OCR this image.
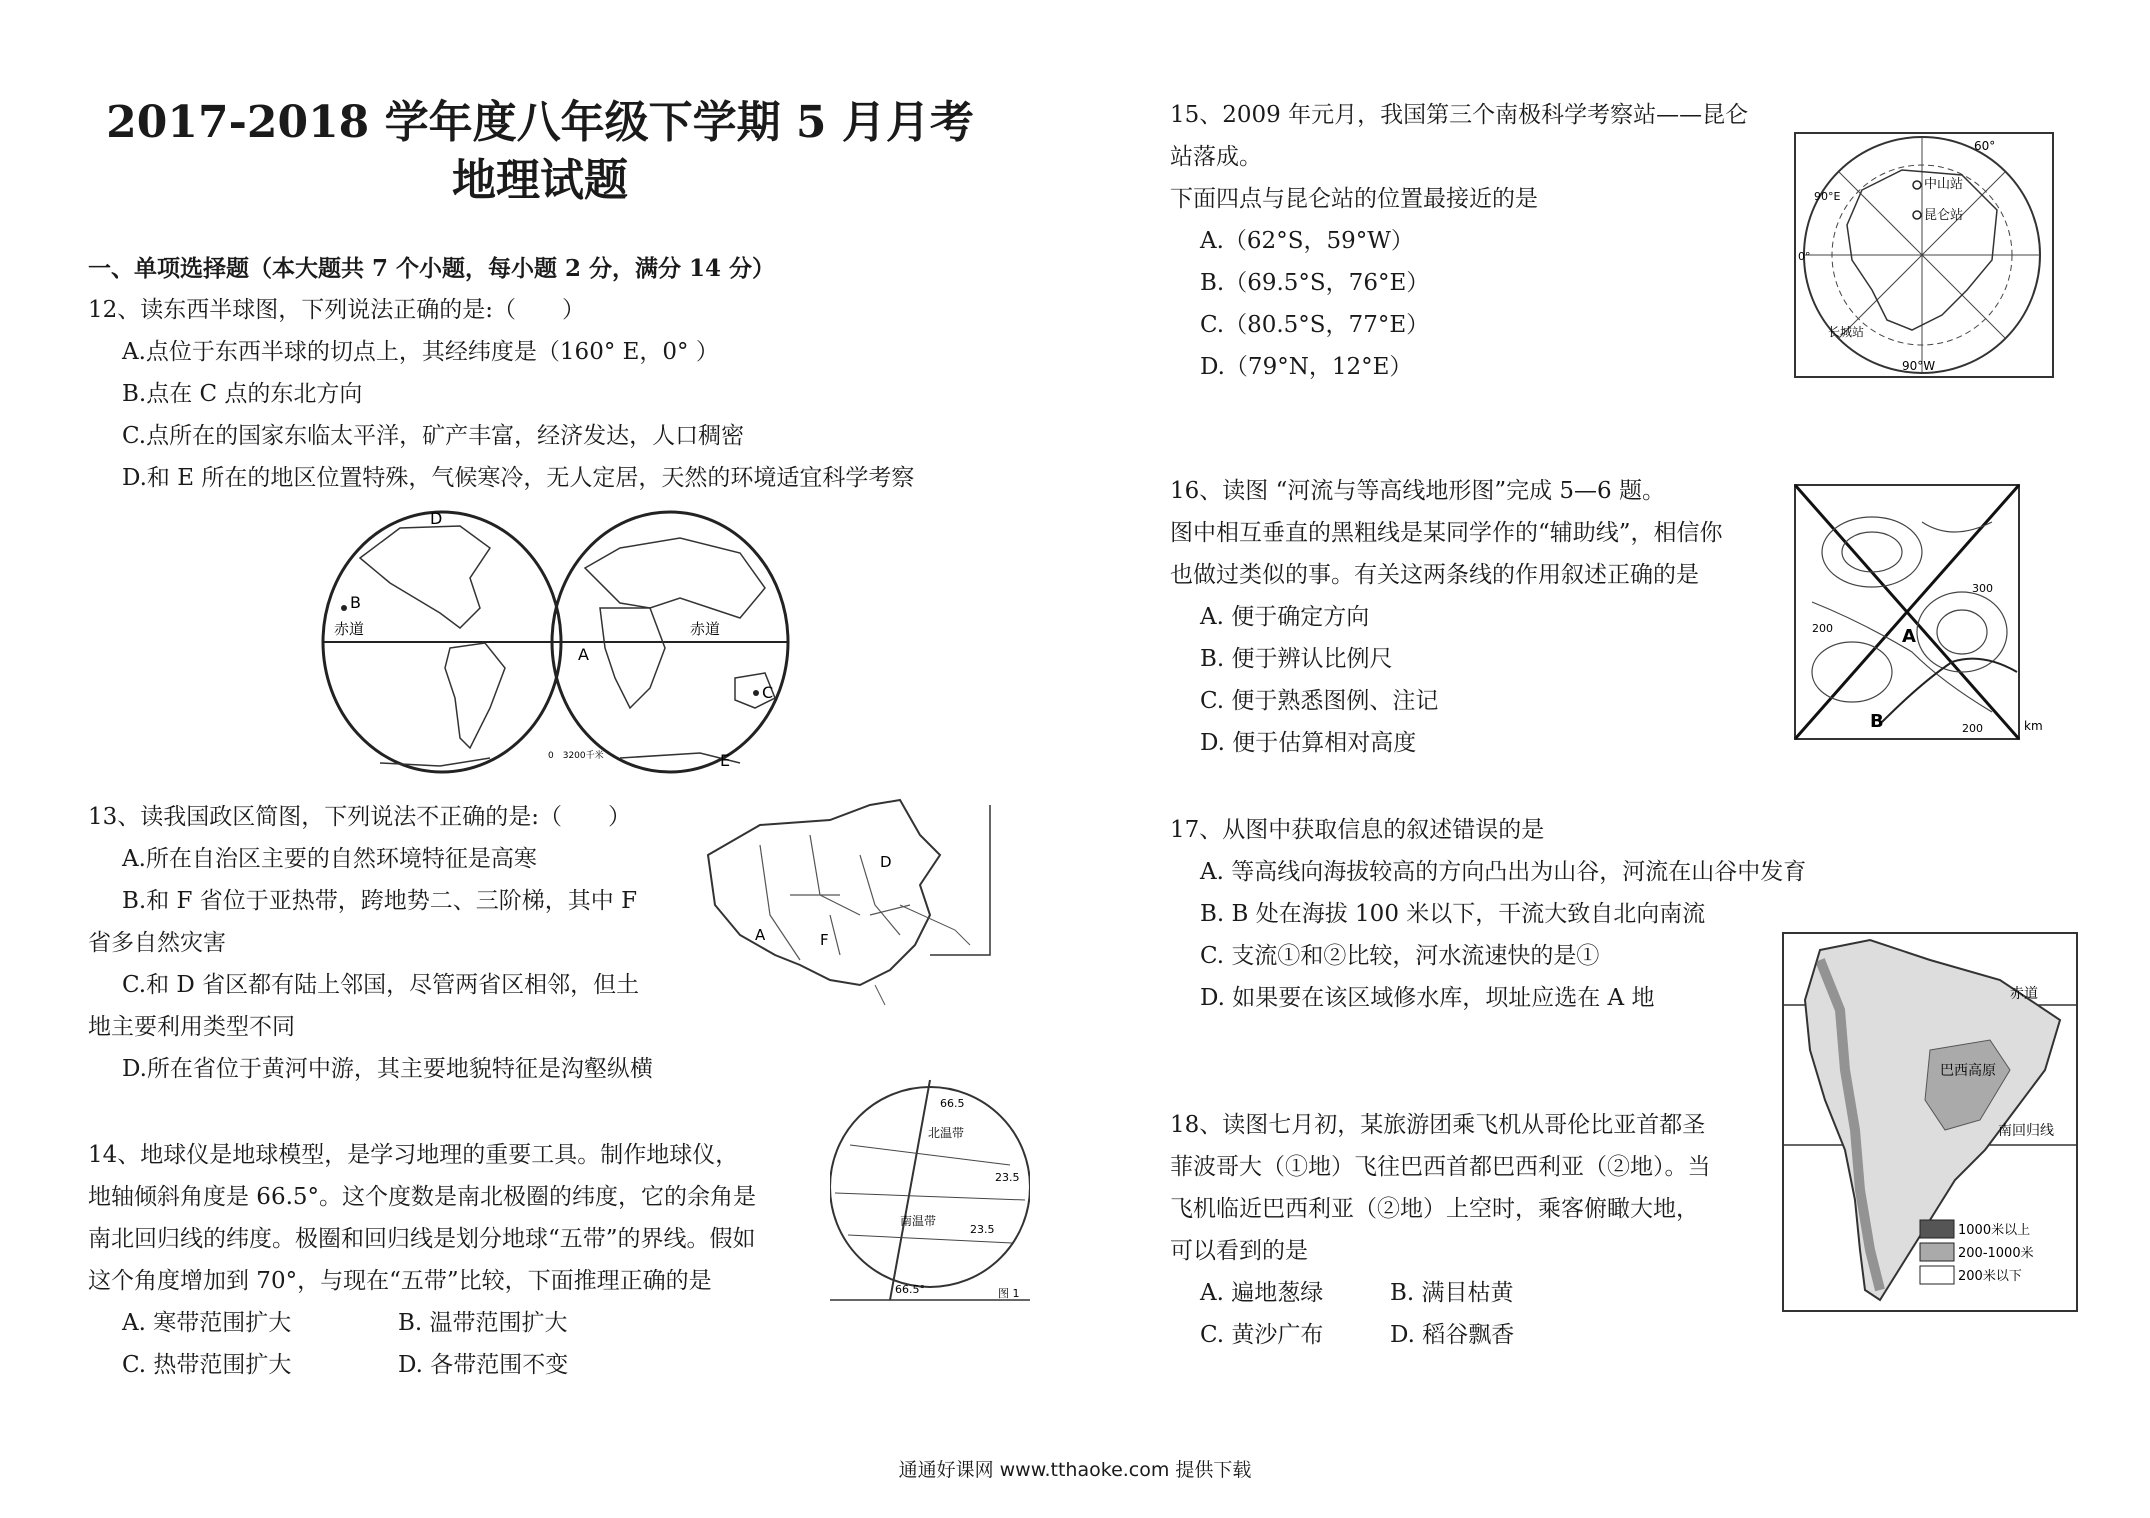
2017-2018 学年度八年级下学期 5 月月考
地理试题
一、单项选择题（本大题共 7 个小题，每小题 2 分，满分 14 分）
12、读东西半球图，下列说法正确的是:（　　）
A.点位于东西半球的切点上，其经纬度是（160° E，0° ）
B.点在 C 点的东北方向
C.点所在的国家东临太平洋，矿产丰富，经济发达，人口稠密
D.和 E 所在的地区位置特殊，气候寒冷，无人定居，天然的环境适宜科学考察
赤道	赤道
A
B
C
D
E
0　3200千米
13、读我国政区简图，下列说法不正确的是:（　　）
A.所在自治区主要的自然环境特征是高寒
B.和 F 省位于亚热带，跨地势二、三阶梯，其中 F
省多自然灾害
C.和 D 省区都有陆上邻国，尽管两省区相邻，但土
地主要利用类型不同
D.所在省位于黄河中游，其主要地貌特征是沟壑纵横
A
D
F
14、地球仪是地球模型，是学习地理的重要工具。制作地球仪，
地轴倾斜角度是 66.5°。这个度数是南北极圈的纬度，它的余角是
南北回归线的纬度。极圈和回归线是划分地球“五带”的界线。假如
这个角度增加到 70°，与现在“五带”比较，下面推理正确的是
A. 寒带范围扩大	B. 温带范围扩大
C. 热带范围扩大	D. 各带范围不变
66.5
北温带
23.5
南温带
23.5
66.5°	图 1
15、2009 年元月，我国第三个南极科学考察站——昆仑
站落成。
下面四点与昆仑站的位置最接近的是
A.（62°S，59°W）
B.（69.5°S，76°E）
C.（80.5°S，77°E）
D.（79°N，12°E）
60°
中山站
昆仑站
长城站
90°W
90°E
0°
16、读图 “河流与等高线地形图”完成 5—6 题。
图中相互垂直的黑粗线是某同学作的“辅助线”，相信你
也做过类似的事。有关这两条线的作用叙述正确的是
A. 便于确定方向
B. 便于辨认比例尺
C. 便于熟悉图例、注记
D. 便于估算相对高度
A
B
200
200
300
km
17、从图中获取信息的叙述错误的是
A. 等高线向海拔较高的方向凸出为山谷，河流在山谷中发育
B. B 处在海拔 100 米以下，干流大致自北向南流
C. 支流①和②比较，河水流速快的是①
D. 如果要在该区域修水库，坝址应选在 A 地
18、读图七月初，某旅游团乘飞机从哥伦比亚首都圣
菲波哥大（①地）飞往巴西首都巴西利亚（②地）。当
飞机临近巴西利亚（②地）上空时，乘客俯瞰大地，
可以看到的是
A. 遍地葱绿	B. 满目枯黄
C. 黄沙广布	D. 稻谷飘香
赤道
南回归线
巴西高原
1000米以上
200-1000米
200米以下
通通好课网 www.tthaoke.com 提供下载
